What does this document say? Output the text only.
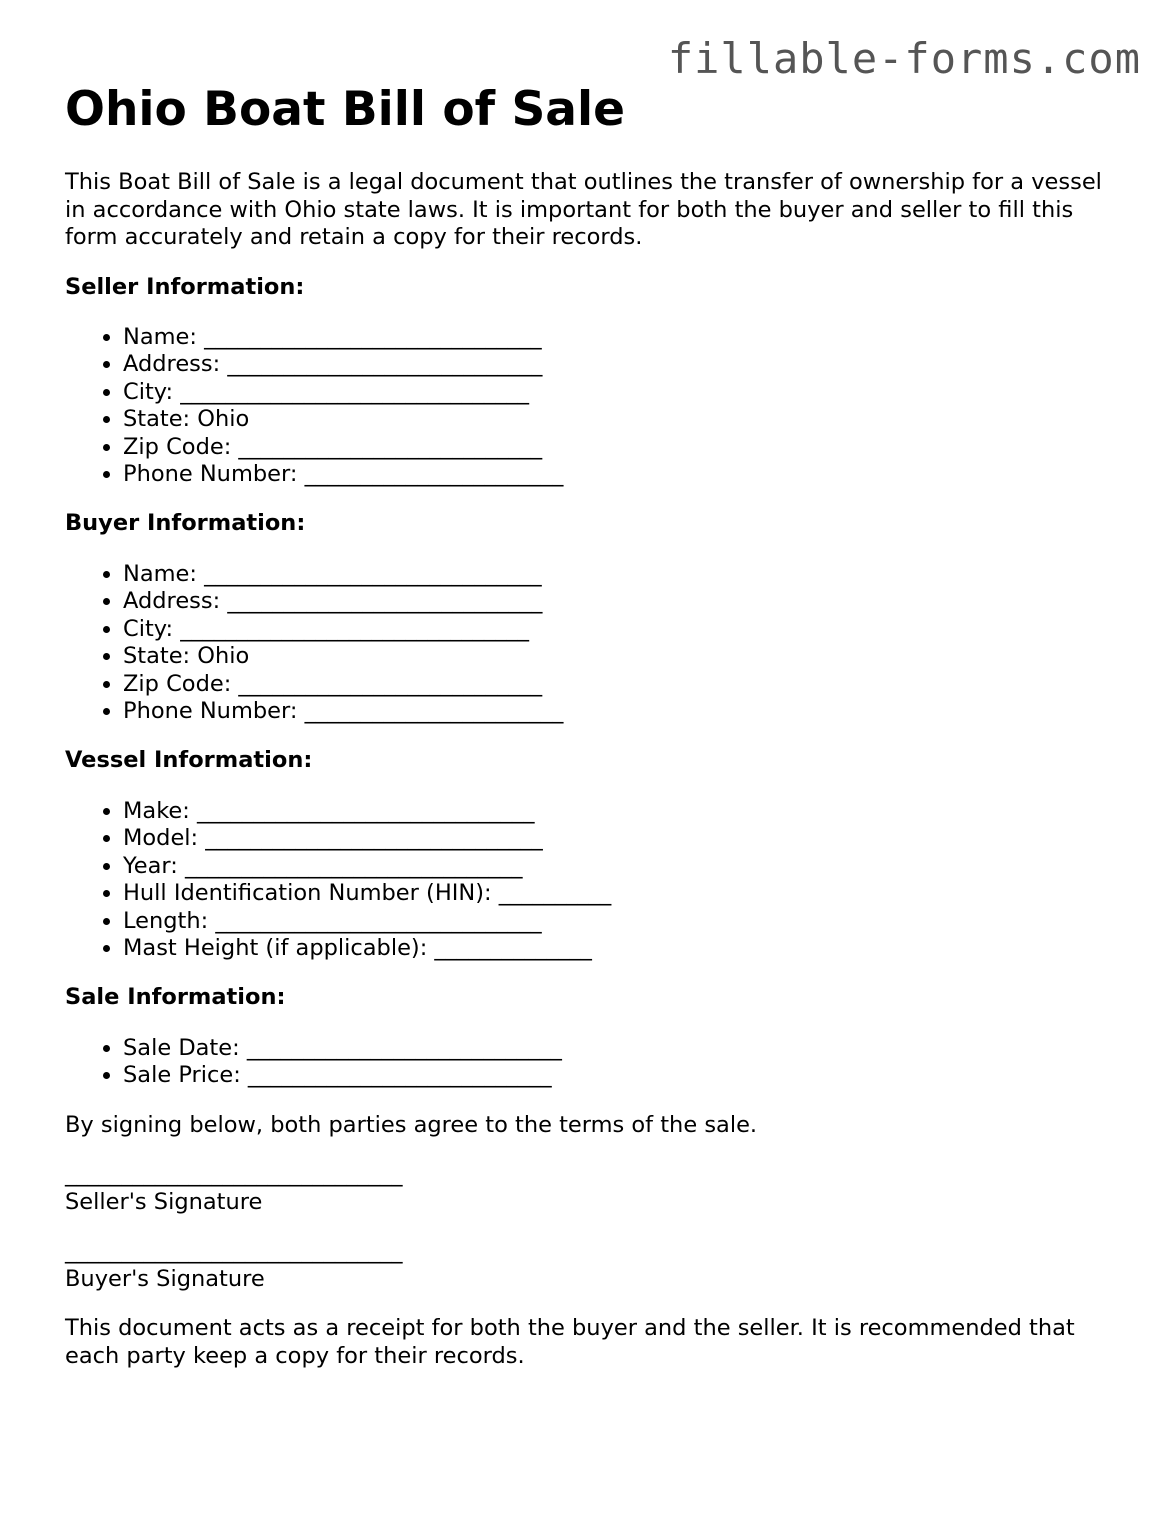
fillable-forms.com
Ohio Boat Bill of Sale

This Boat Bill of Sale is a legal document that outlines the transfer of ownership for a vessel in accordance with Ohio state laws. It is important for both the buyer and seller to fill this form accurately and retain a copy for their records.

Seller Information:
• Name: ______________________________
• Address: ____________________________
• City: _______________________________
• State: Ohio
• Zip Code: ___________________________
• Phone Number: _______________________
Buyer Information:
• Name: ______________________________
• Address: ____________________________
• City: _______________________________
• State: Ohio
• Zip Code: ___________________________
• Phone Number: _______________________
Vessel Information:
• Make: ______________________________
• Model: ______________________________
• Year: ______________________________
• Hull Identification Number (HIN): __________
• Length: _____________________________
• Mast Height (if applicable): ______________
Sale Information:
• Sale Date: ____________________________
• Sale Price: ___________________________

By signing below, both parties agree to the terms of the sale.

______________________________
Seller's Signature
______________________________
Buyer's Signature

This document acts as a receipt for both the buyer and the seller. It is recommended that each party keep a copy for their records.
